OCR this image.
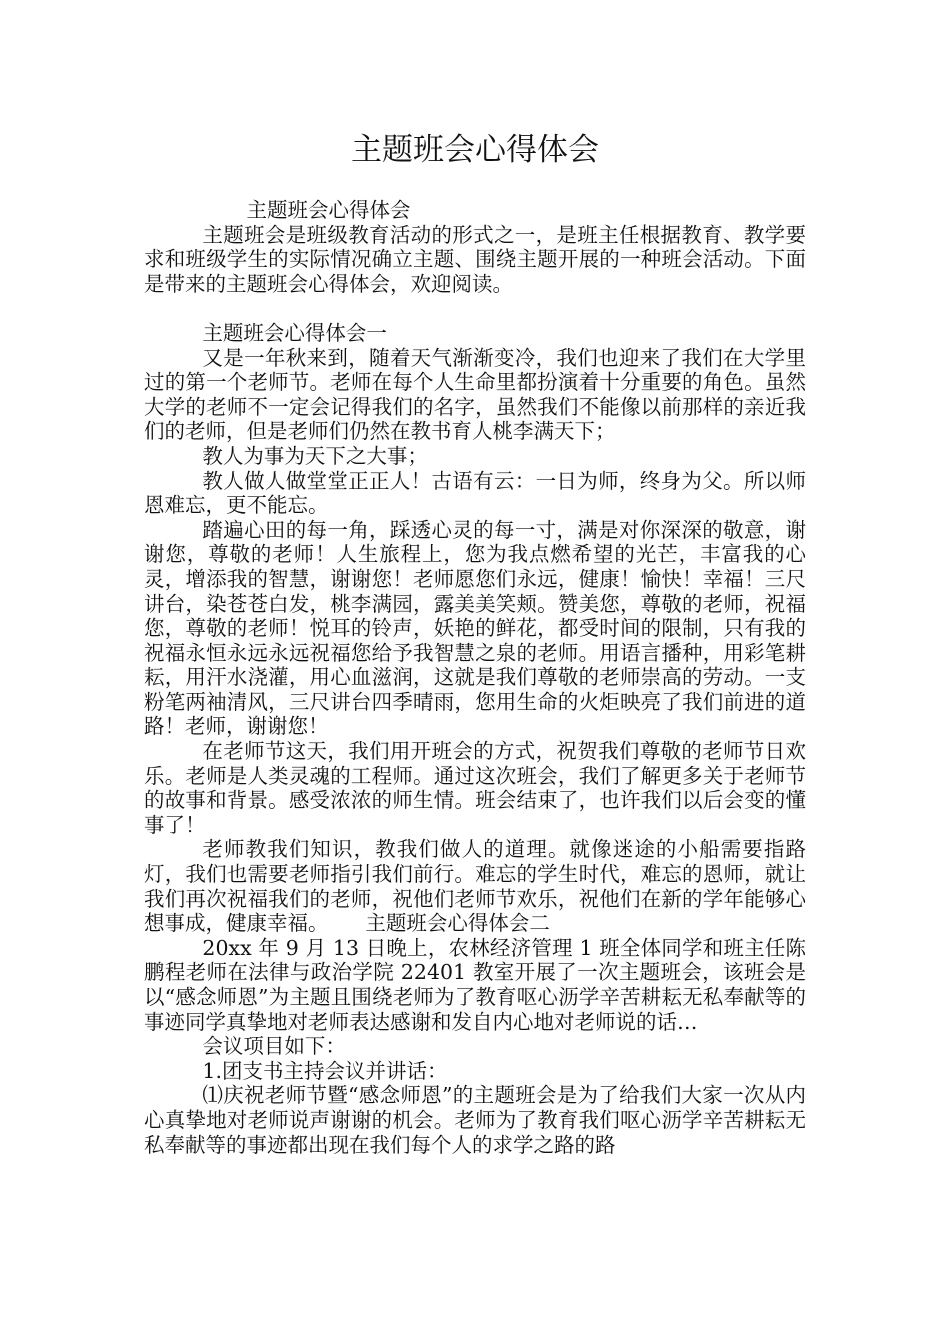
主题班会心得体会

主题班会心得体会

主题班会是班级教育活动的形式之一，是班主任根据教育、教学要求和班级学生的实际情况确立主题、围绕主题开展的一种班会活动。下面是带来的主题班会心得体会，欢迎阅读。

主题班会心得体会一

又是一年秋来到，随着天气渐渐变冷，我们也迎来了我们在大学里过的第一个老师节。老师在每个人生命里都扮演着十分重要的角色。虽然大学的老师不一定会记得我们的名字，虽然我们不能像以前那样的亲近我们的老师，但是老师们仍然在教书育人桃李满天下；

教人为事为天下之大事；

教人做人做堂堂正正人！古语有云：一日为师，终身为父。所以师恩难忘，更不能忘。

踏遍心田的每一角，踩透心灵的每一寸，满是对你深深的敬意，谢谢您，尊敬的老师！人生旅程上，您为我点燃希望的光芒，丰富我的心灵，增添我的智慧，谢谢您！老师愿您们永远，健康！愉快！幸福！三尺讲台，染苍苍白发，桃李满园，露美美笑颊。赞美您，尊敬的老师，祝福您，尊敬的老师！悦耳的铃声，妖艳的鲜花，都受时间的限制，只有我的祝福永恒永远永远祝福您给予我智慧之泉的老师。用语言播种，用彩笔耕耘，用汗水浇灌，用心血滋润，这就是我们尊敬的老师崇高的劳动。一支粉笔两袖清风，三尺讲台四季晴雨，您用生命的火炬映亮了我们前进的道路！老师，谢谢您！

在老师节这天，我们用开班会的方式，祝贺我们尊敬的老师节日欢乐。老师是人类灵魂的工程师。通过这次班会，我们了解更多关于老师节的故事和背景。感受浓浓的师生情。班会结束了，也许我们以后会变的懂事了！

老师教我们知识，教我们做人的道理。就像迷途的小船需要指路灯，我们也需要老师指引我们前行。难忘的学生时代，难忘的恩师，就让我们再次祝福我们的老师，祝他们老师节欢乐，祝他们在新的学年能够心想事成，健康幸福。 主题班会心得体会二

20xx 年 9 月 13 日晚上，农林经济管理 1 班全体同学和班主任陈鹏程老师在法律与政治学院 22401 教室开展了一次主题班会，该班会是以“感念师恩”为主题且围绕老师为了教育呕心沥学辛苦耕耘无私奉献等的事迹同学真挚地对老师表达感谢和发自内心地对老师说的话…

会议项目如下：

1.团支书主持会议并讲话：

⑴庆祝老师节暨“感念师恩”的主题班会是为了给我们大家一次从内心真挚地对老师说声谢谢的机会。老师为了教育我们呕心沥学辛苦耕耘无私奉献等的事迹都出现在我们每个人的求学之路的路
